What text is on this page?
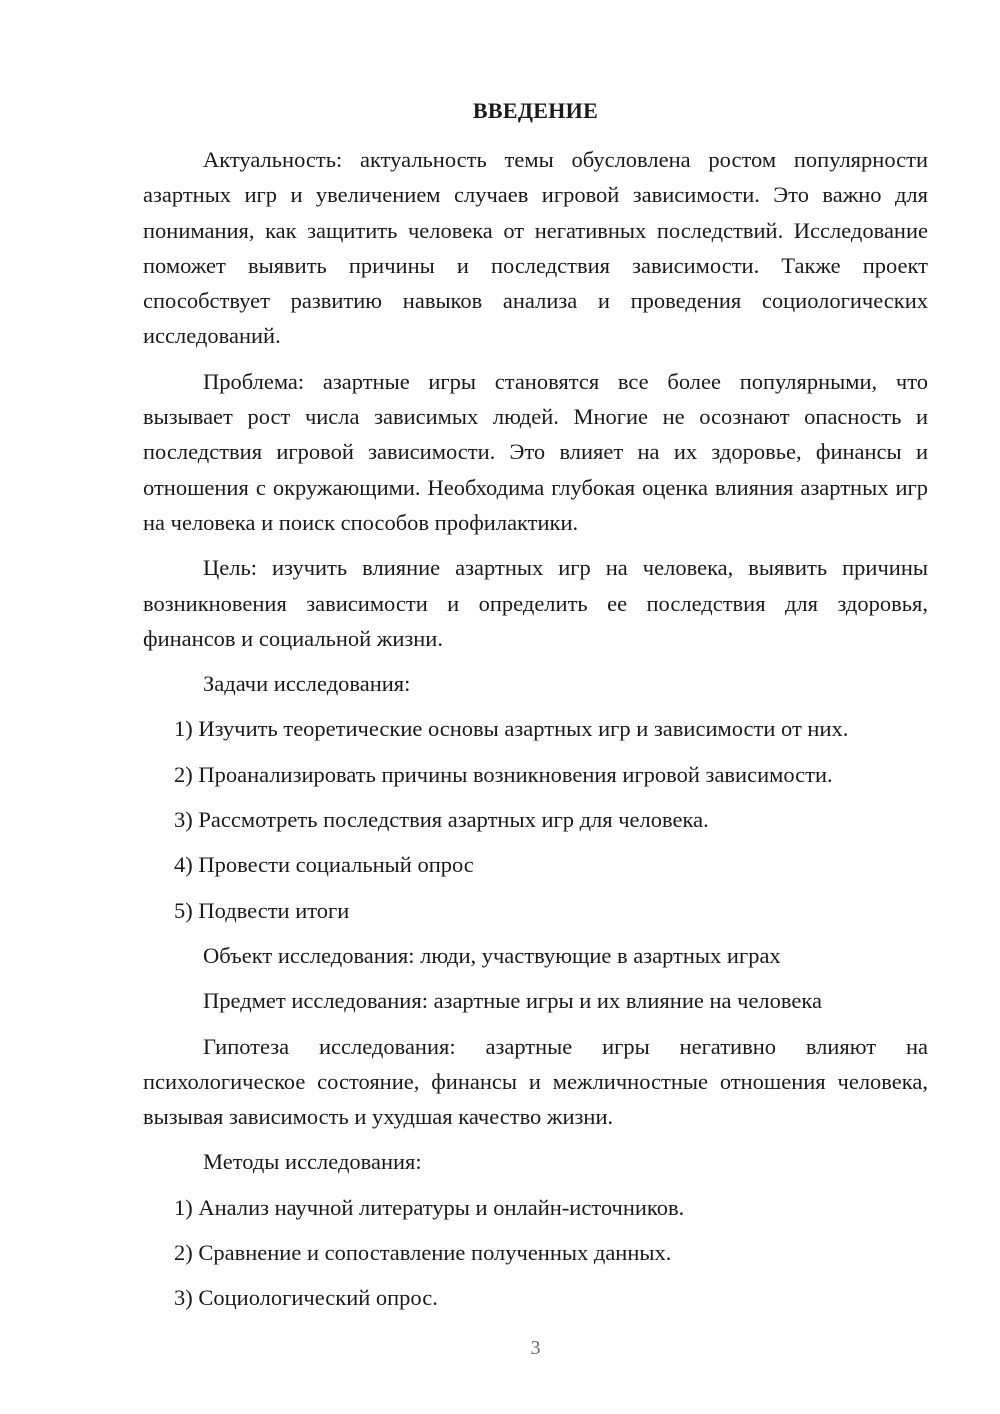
ВВЕДЕНИЕ

Актуальность: актуальность темы обусловлена ростом популярности азартных игр и увеличением случаев игровой зависимости. Это важно для понимания, как защитить человека от негативных последствий. Исследование поможет выявить причины и последствия зависимости. Также проект способствует развитию навыков анализа и проведения социологических исследований.

Проблема: азартные игры становятся все более популярными, что вызывает рост числа зависимых людей. Многие не осознают опасность и последствия игровой зависимости. Это влияет на их здоровье, финансы и отношения с окружающими. Необходима глубокая оценка влияния азартных игр на человека и поиск способов профилактики.

Цель: изучить влияние азартных игр на человека, выявить причины возникновения зависимости и определить ее последствия для здоровья, финансов и социальной жизни.

Задачи исследования:

1) Изучить теоретические основы азартных игр и зависимости от них.
2) Проанализировать причины возникновения игровой зависимости.
3) Рассмотреть последствия азартных игр для человека.
4) Провести социальный опрос
5) Подвести итоги

Объект исследования: люди, участвующие в азартных играх

Предмет исследования: азартные игры и их влияние на человека

Гипотеза исследования: азартные игры негативно влияют на психологическое состояние, финансы и межличностные отношения человека, вызывая зависимость и ухудшая качество жизни.

Методы исследования:

1) Анализ научной литературы и онлайн-источников.
2) Сравнение и сопоставление полученных данных.
3) Социологический опрос.
3
